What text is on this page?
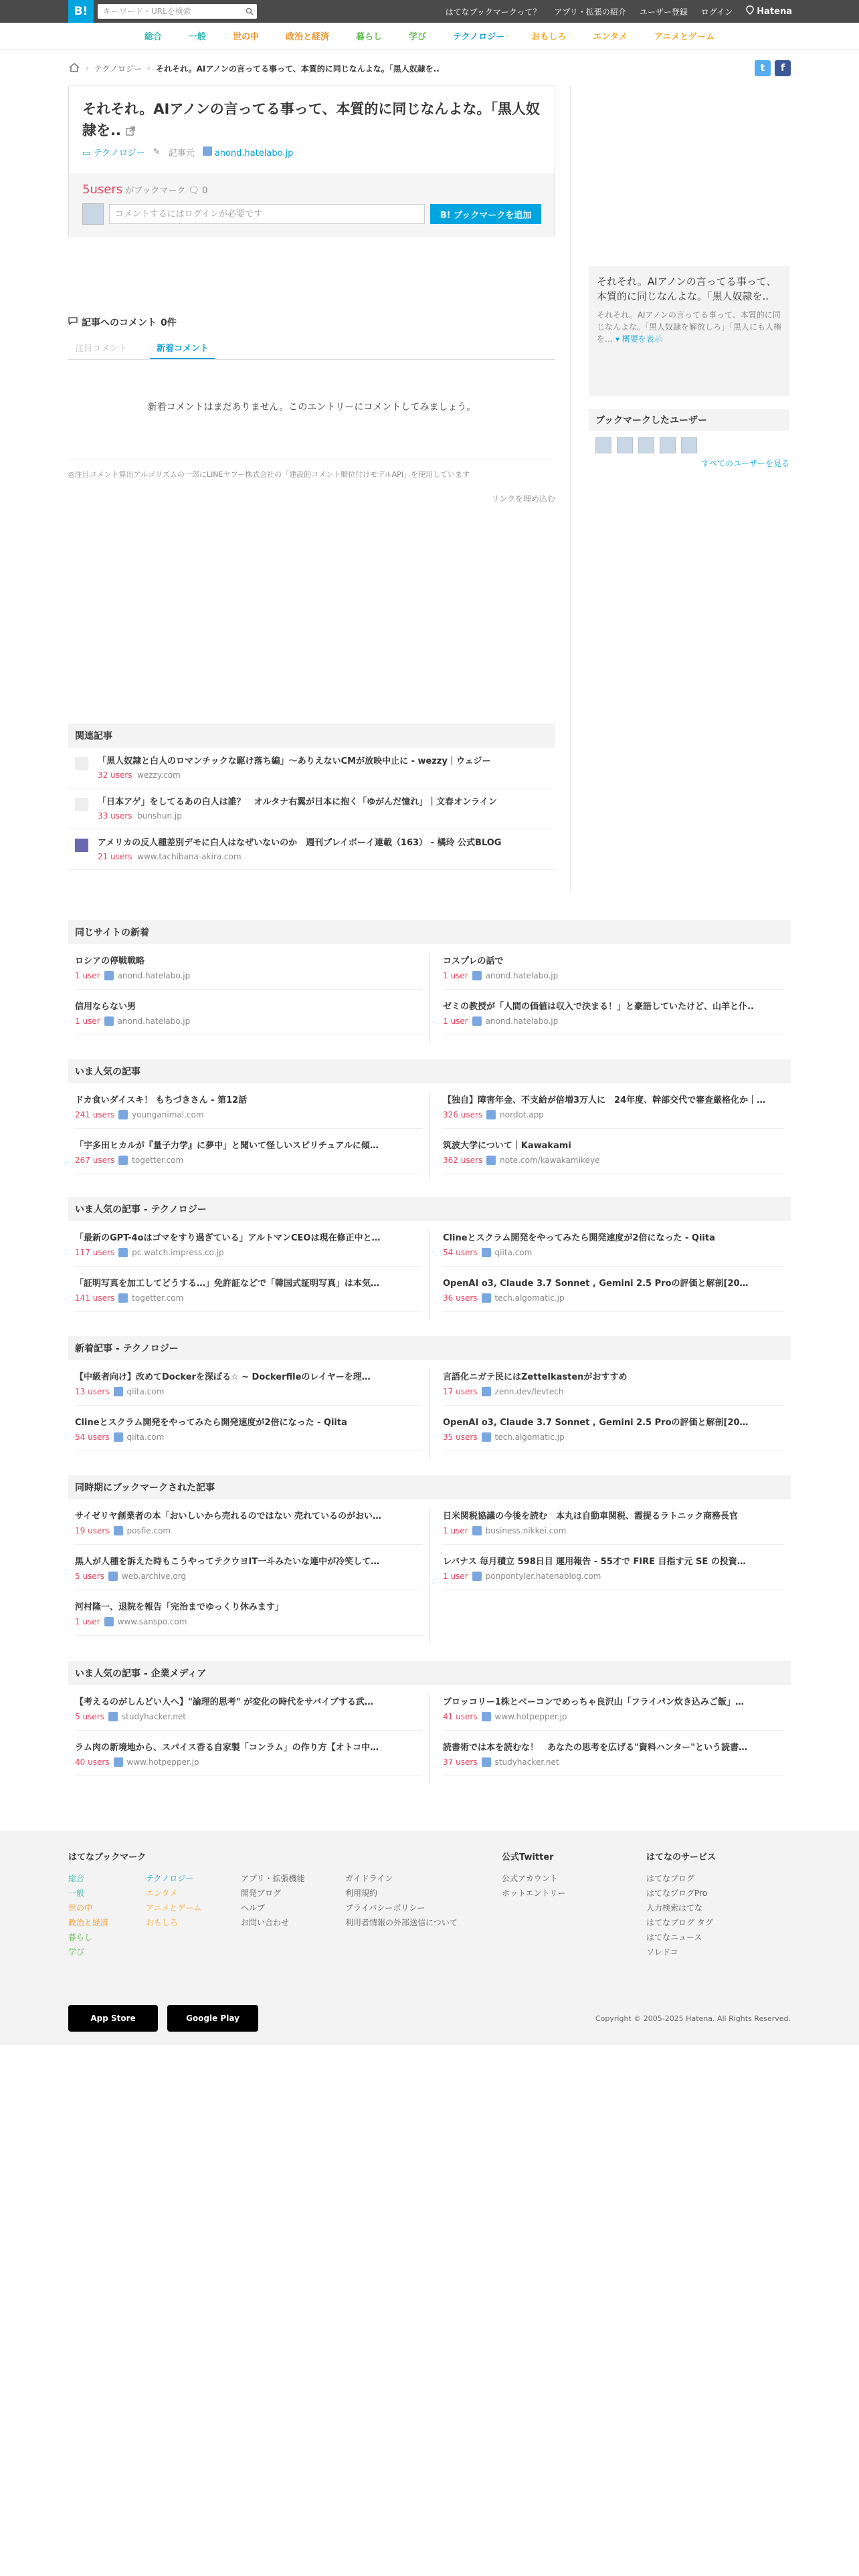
B!
キーワード・URLを検索	はてなブックマークって？ アプリ・拡張の紹介 ユーザー登録 ログイン	Hatena
総合	一般	世の中	政治と経済	暮らし	学び	テクノロジー	おもしろ	エンタメ	アニメとゲーム
› テクノロジー › それそれ。AIアノンの言ってる事って、本質的に同じなんよな。「黒人奴隷を..	t	f
それそれ。AIアノンの言ってる事って、本質的に同じなんよな。「黒人奴隷を..
▭ テクノロジー ✎ 記事元	anond.hatelabo.jp
5users がブックマーク 🗨 0
コメントするにはログインが必要です
B! ブックマークを追加
それそれ。AIアノンの言ってる事って、本質的に同じなんよな。「黒人奴隷を..
それそれ。AIアノンの言ってる事って、本質的に同じなんよな。「黒人奴隷を解放しろ」「黒人にも人権を… ▾ 概要を表示
ブックマークしたユーザー
すべてのユーザーを見る
記事へのコメント 0件
注目コメント	新着コメント
新着コメントはまだありません。このエントリーにコメントしてみましょう。
◎注目コメント算出アルゴリズムの一部にLINEヤフー株式会社の「建設的コメント順位付けモデルAPI」を使用しています
リンクを埋め込む
関連記事
「黒人奴隷と白人のロマンチックな駆け落ち編」～ありえないCMが放映中止に - wezzy｜ウェジー
32 users wezzy.com
「日本アゲ」をしてるあの白人は誰？　オルタナ右翼が日本に抱く「ゆがんだ憧れ」｜文春オンライン
33 users bunshun.jp
アメリカの反人種差別デモに白人はなぜいないのか　週刊プレイボーイ連載（163） - 橘玲 公式BLOG
21 users www.tachibana-akira.com
同じサイトの新着
ロシアの停戦戦略
1 user anond.hatelabo.jp
信用ならない男
1 user anond.hatelabo.jp
コスプレの話で
1 user anond.hatelabo.jp
ゼミの教授が「人間の価値は収入で決まる！」と豪語していたけど、山羊と仆..
1 user anond.hatelabo.jp
いま人気の記事
ドカ食いダイスキ！ もちづきさん - 第12話
241 users younganimal.com
「宇多田ヒカルが『量子力学』に夢中」と聞いて怪しいスピリチュアルに傾…
267 users togetter.com
【独自】障害年金、不支給が倍増3万人に　24年度、幹部交代で審査厳格化か｜…
326 users nordot.app
筑波大学について｜Kawakami
362 users note.com/kawakamikeye
いま人気の記事 - テクノロジー
「最新のGPT-4oはゴマをすり過ぎている」アルトマンCEOは現在修正中と…
117 users pc.watch.impress.co.jp
「証明写真を加工してどうする…」免許証などで「韓国式証明写真」は本気…
141 users togetter.com
Clineとスクラム開発をやってみたら開発速度が2倍になった - Qiita
54 users qiita.com
OpenAI o3, Claude 3.7 Sonnet , Gemini 2.5 Proの評価と解剖[20…
36 users tech.algomatic.jp
新着記事 - テクノロジー
【中級者向け】改めてDockerを深ぼる☆ ~ Dockerfileのレイヤーを理…
13 users qiita.com
Clineとスクラム開発をやってみたら開発速度が2倍になった - Qiita
54 users qiita.com
言語化ニガテ民にはZettelkastenがおすすめ
17 users zenn.dev/levtech
OpenAI o3, Claude 3.7 Sonnet , Gemini 2.5 Proの評価と解剖[20…
35 users tech.algomatic.jp
同時期にブックマークされた記事
サイゼリヤ創業者の本「おいしいから売れるのではない 売れているのがおい…
19 users posfie.com
黒人が人種を訴えた時もこうやってテクウヨIT一斗みたいな連中が冷笑して…
5 users web.archive.org
河村隆一、退院を報告「完治までゆっくり休みます」
1 user www.sanspo.com
日米関税協議の今後を読む　本丸は自動車関税、霞提るラトニック商務長官
1 user business.nikkei.com
レバナス 毎月積立 598日目 運用報告 - 55才で FIRE 目指す元 SE の投資…
1 user ponpontyler.hatenablog.com
いま人気の記事 - 企業メディア
【考えるのがしんどい人へ】"論理的思考" が変化の時代をサバイブする武…
5 users studyhacker.net
ラム肉の新境地から、スパイス香る自家製「コンラム」の作り方【オトコ中…
40 users www.hotpepper.jp
ブロッコリー1株とベーコンでめっちゃ良沢山「フライパン炊き込みご飯」…
41 users www.hotpepper.jp
読書術では本を読むな！　あなたの思考を広げる"資料ハンター"という読書…
37 users studyhacker.net
はてなブックマーク
総合
一般
世の中
政治と経済
暮らし
学び
テクノロジー
エンタメ
アニメとゲーム
おもしろ
アプリ・拡張機能
開発ブログ
ヘルプ
お問い合わせ
ガイドライン
利用規約
プライバシーポリシー
利用者情報の外部送信について
公式Twitter
公式アカウント
ホットエントリー
はてなのサービス
はてなブログ
はてなブログPro
人力検索はてな
はてなブログ タグ
はてなニュース
ソレドコ
App Store	Google Play	Copyright © 2005-2025 Hatena. All Rights Reserved.
